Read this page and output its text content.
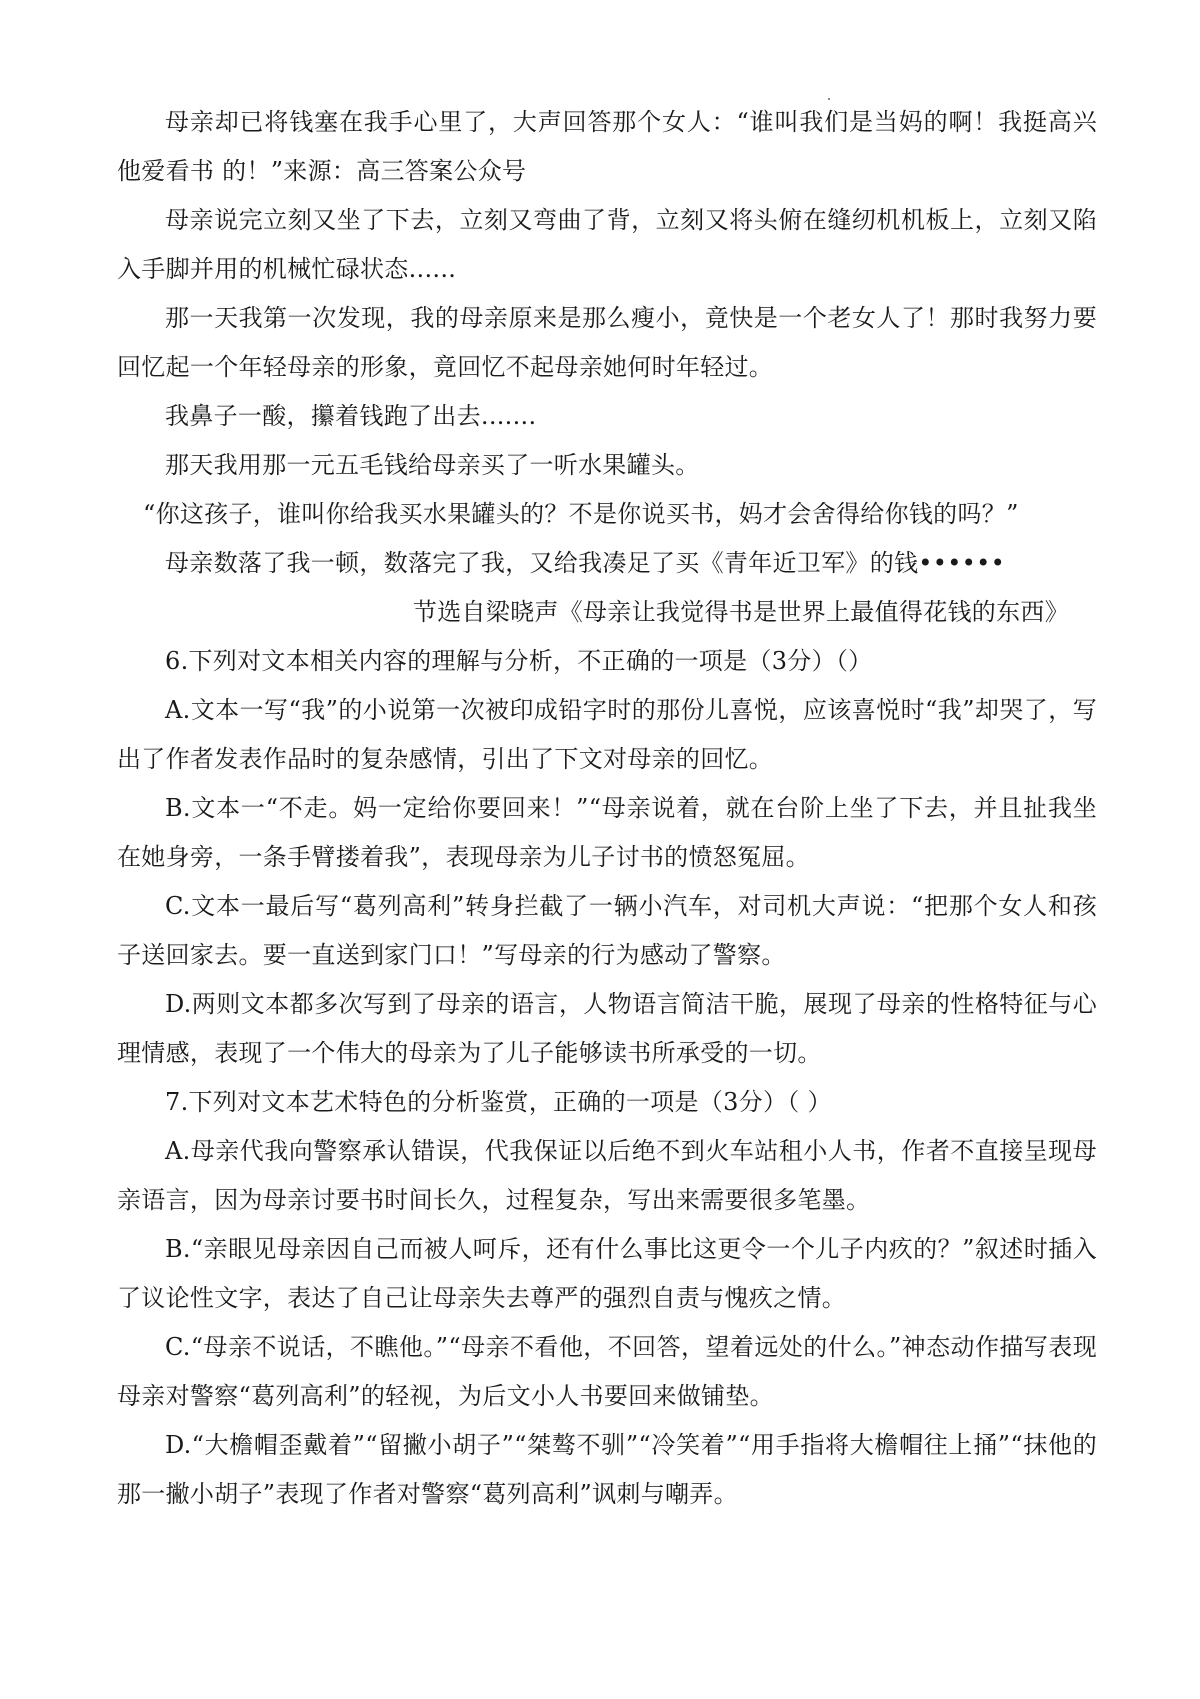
母亲却已将钱塞在我手心里了，大声回答那个女人：“谁叫我们是当妈的啊！我挺高兴他爱看书 的！”来源：高三答案公众号

母亲说完立刻又坐了下去，立刻又弯曲了背，立刻又将头俯在缝纫机机板上，立刻又陷入手脚并用的机械忙碌状态......

那一天我第一次发现，我的母亲原来是那么瘦小，竟快是一个老女人了！那时我努力要回忆起一个年轻母亲的形象，竟回忆不起母亲她何时年轻过。

我鼻子一酸，攥着钱跑了出去.......

那天我用那一元五毛钱给母亲买了一听水果罐头。

“你这孩子，谁叫你给我买水果罐头的？不是你说买书，妈才会舍得给你钱的吗？”

母亲数落了我一顿，数落完了我，又给我凑足了买《青年近卫军》的钱••••••

节选自梁晓声《母亲让我觉得书是世界上最值得花钱的东西》

6.下列对文本相关内容的理解与分析，不正确的一项是（3分）（）

A.文本一写“我”的小说第一次被印成铅字时的那份儿喜悦，应该喜悦时“我”却哭了，写出了作者发表作品时的复杂感情，引出了下文对母亲的回忆。

B.文本一“不走。妈一定给你要回来！”“母亲说着，就在台阶上坐了下去，并且扯我坐在她身旁，一条手臂搂着我”，表现母亲为儿子讨书的愤怒冤屈。

C.文本一最后写“葛列高利”转身拦截了一辆小汽车，对司机大声说：“把那个女人和孩子送回家去。要一直送到家门口！”写母亲的行为感动了警察。

D.两则文本都多次写到了母亲的语言，人物语言简洁干脆，展现了母亲的性格特征与心理情感，表现了一个伟大的母亲为了儿子能够读书所承受的一切。

7.下列对文本艺术特色的分析鉴赏，正确的一项是（3分）（ ）

A.母亲代我向警察承认错误，代我保证以后绝不到火车站租小人书，作者不直接呈现母亲语言，因为母亲讨要书时间长久，过程复杂，写出来需要很多笔墨。

B.“亲眼见母亲因自己而被人呵斥，还有什么事比这更令一个儿子内疚的？”叙述时插入了议论性文字，表达了自己让母亲失去尊严的强烈自责与愧疚之情。

C.“母亲不说话，不瞧他。”“母亲不看他，不回答，望着远处的什么。”神态动作描写表现母亲对警察“葛列高利”的轻视，为后文小人书要回来做铺垫。

D.“大檐帽歪戴着”“留撇小胡子”“桀骜不驯”“冷笑着”“用手指将大檐帽往上捅”“抹他的那一撇小胡子”表现了作者对警察“葛列高利”讽刺与嘲弄。
